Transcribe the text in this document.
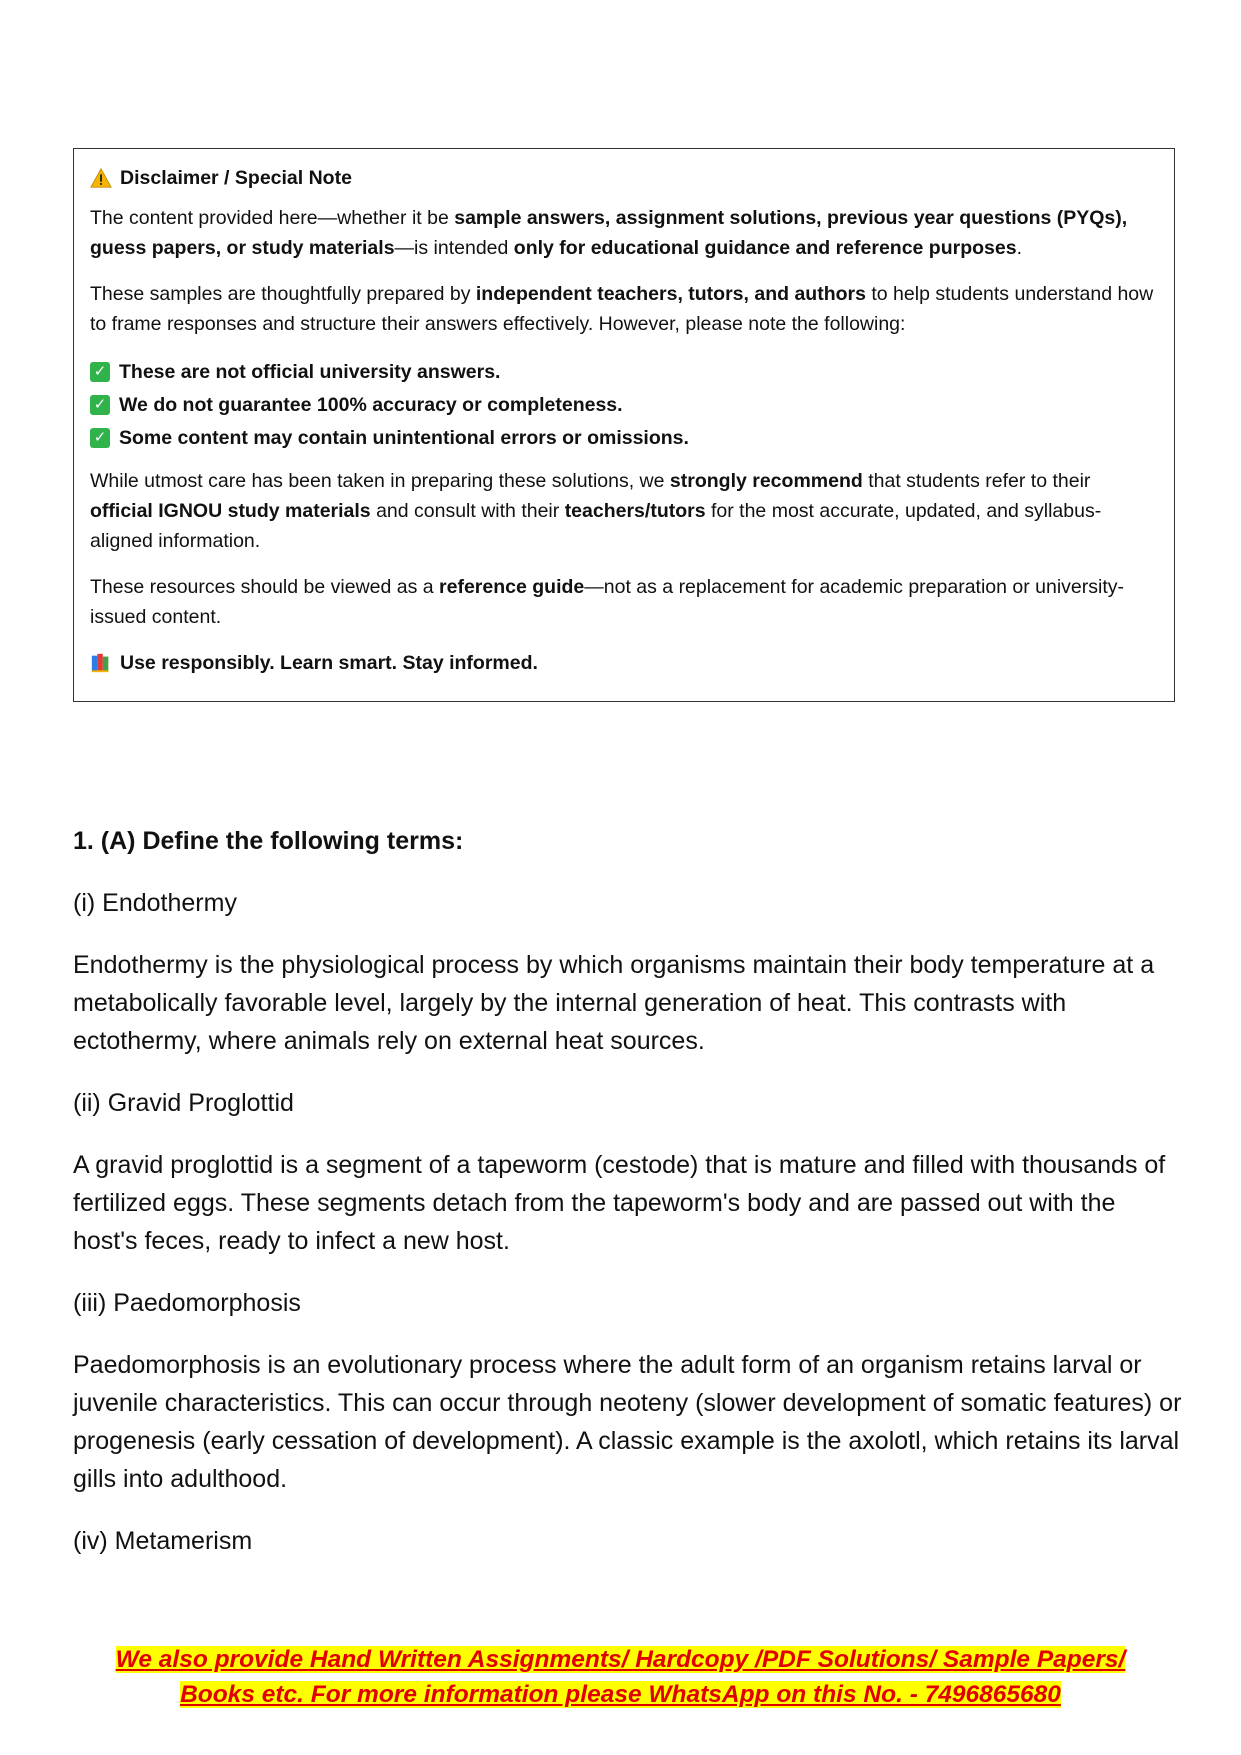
Disclaimer / Special Note

The content provided here—whether it be sample answers, assignment solutions, previous year questions (PYQs), guess papers, or study materials—is intended only for educational guidance and reference purposes.

These samples are thoughtfully prepared by independent teachers, tutors, and authors to help students understand how to frame responses and structure their answers effectively. However, please note the following:

✓ These are not official university answers.
✓ We do not guarantee 100% accuracy or completeness.
✓ Some content may contain unintentional errors or omissions.

While utmost care has been taken in preparing these solutions, we strongly recommend that students refer to their official IGNOU study materials and consult with their teachers/tutors for the most accurate, updated, and syllabus-aligned information.

These resources should be viewed as a reference guide—not as a replacement for academic preparation or university-issued content.

Use responsibly. Learn smart. Stay informed.

1. (A) Define the following terms:

(i) Endothermy

Endothermy is the physiological process by which organisms maintain their body temperature at a metabolically favorable level, largely by the internal generation of heat. This contrasts with ectothermy, where animals rely on external heat sources.

(ii) Gravid Proglottid

A gravid proglottid is a segment of a tapeworm (cestode) that is mature and filled with thousands of fertilized eggs. These segments detach from the tapeworm's body and are passed out with the host's feces, ready to infect a new host.

(iii) Paedomorphosis

Paedomorphosis is an evolutionary process where the adult form of an organism retains larval or juvenile characteristics. This can occur through neoteny (slower development of somatic features) or progenesis (early cessation of development). A classic example is the axolotl, which retains its larval gills into adulthood.

(iv) Metamerism

We also provide Hand Written Assignments/ Hardcopy /PDF Solutions/ Sample Papers/
Books etc. For more information please WhatsApp on this No. - 7496865680
